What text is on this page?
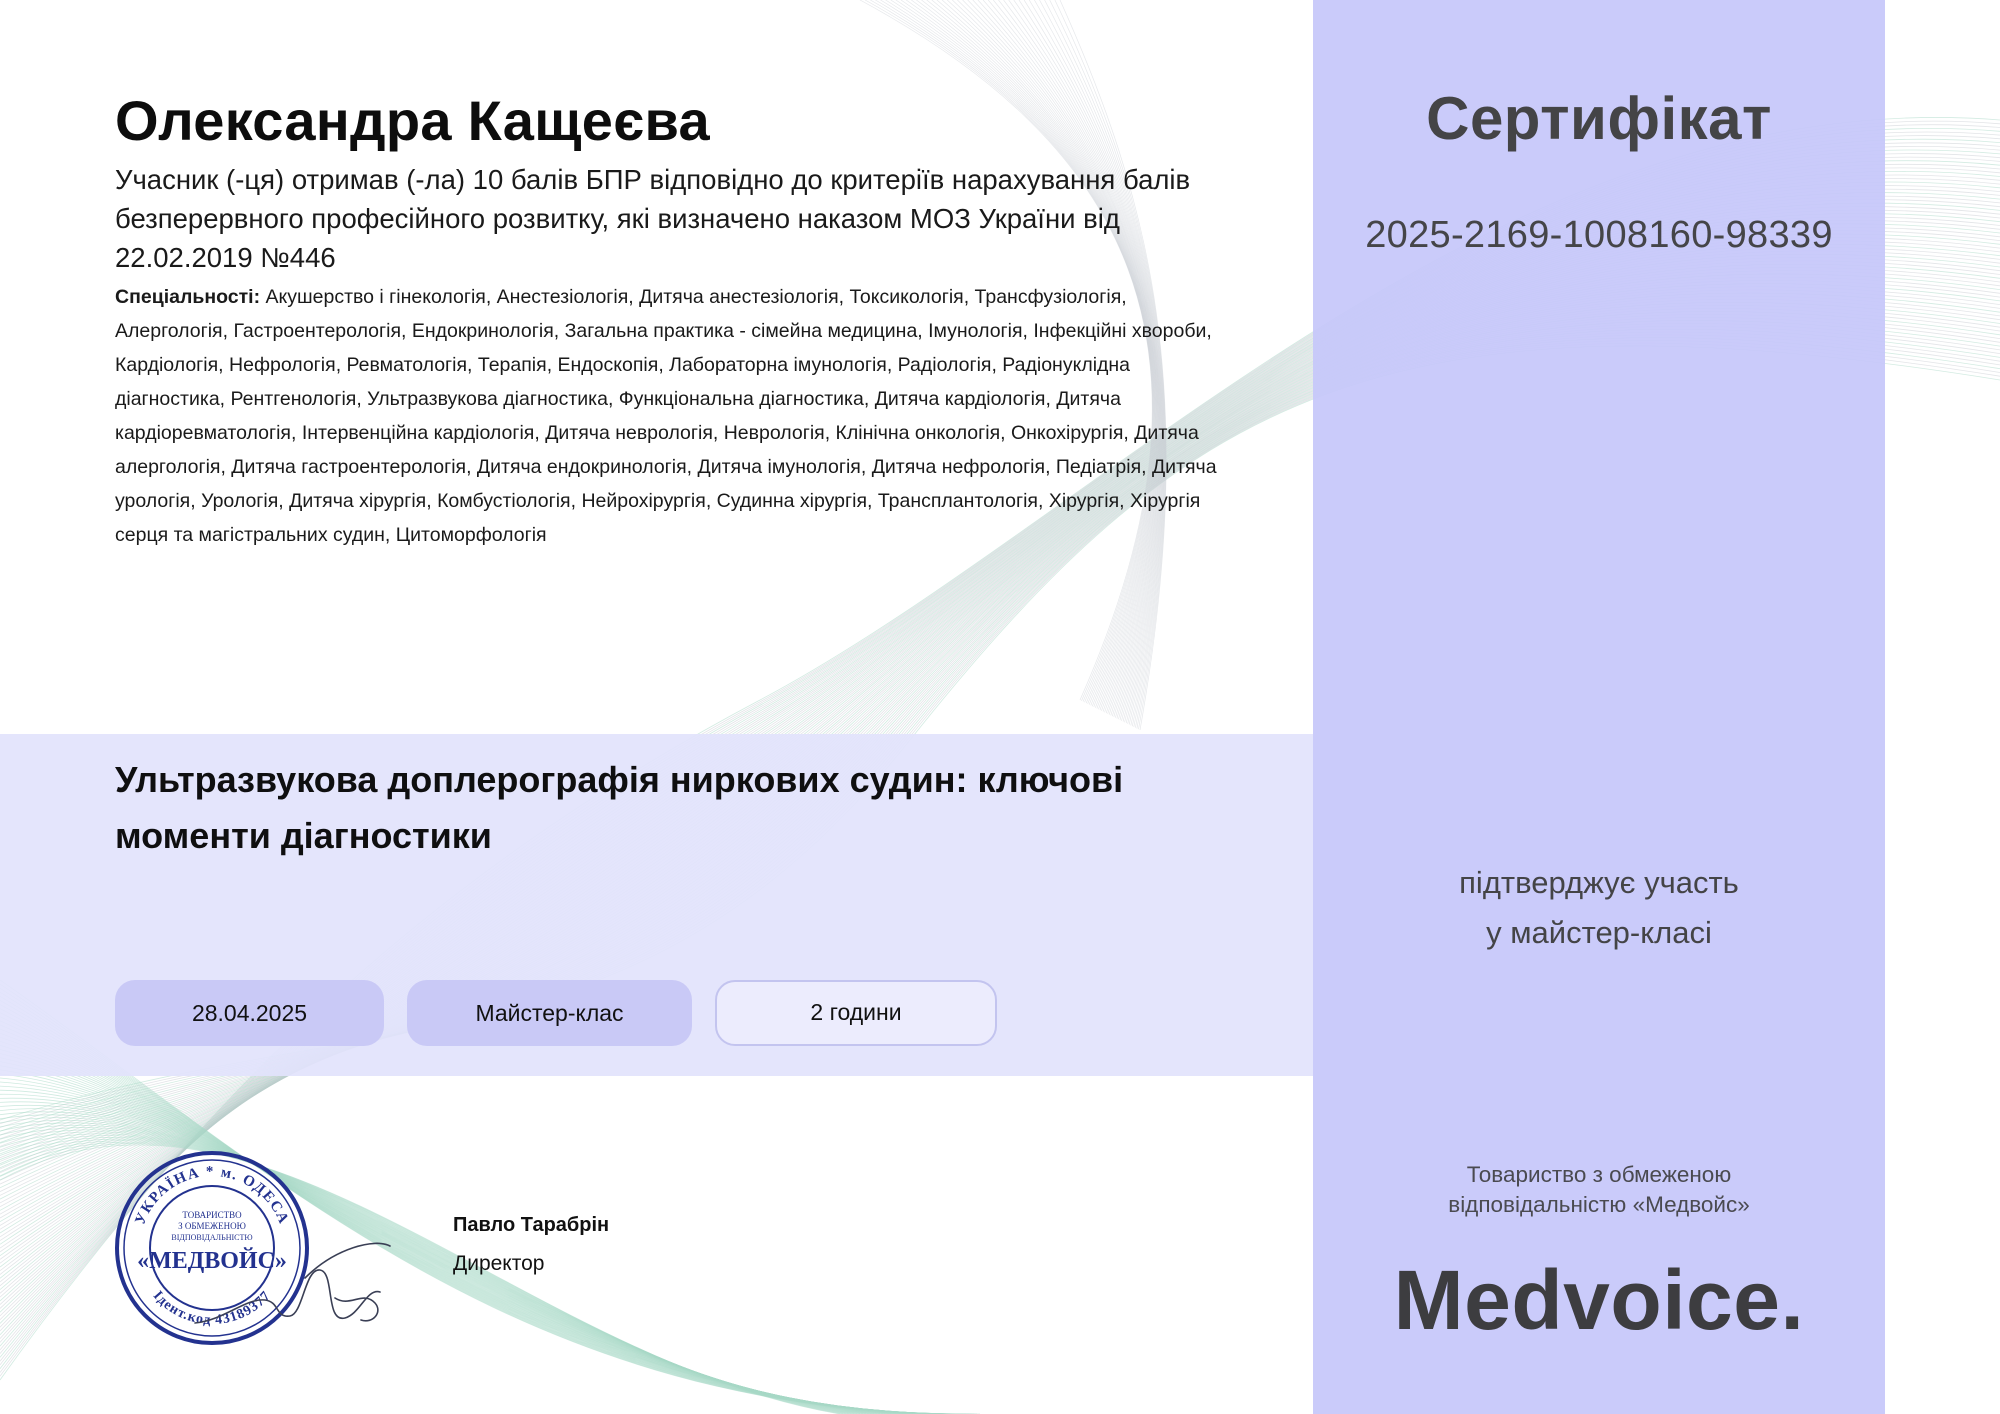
Олександра Кащеєва
Учасник (-ця) отримав (-ла) 10 балів БПР відповідно до критеріїв нарахування балів безперервного професійного розвитку, які визначено наказом МОЗ України від 22.02.2019 №446
Спеціальності: Акушерство і гінекологія, Анестезіологія, Дитяча анестезіологія, Токсикологія, Трансфузіологія, Алергологія, Гастроентерологія, Ендокринологія, Загальна практика - сімейна медицина, Імунологія, Інфекційні хвороби, Кардіологія, Нефрологія, Ревматологія, Терапія, Ендоскопія, Лабораторна імунологія, Радіологія, Радіонуклідна діагностика, Рентгенологія, Ультразвукова діагностика, Функціональна діагностика, Дитяча кардіологія, Дитяча кардіоревматологія, Інтервенційна кардіологія, Дитяча неврологія, Неврологія, Клінічна онкологія, Онкохірургія, Дитяча алергологія, Дитяча гастроентерологія, Дитяча ендокринологія, Дитяча імунологія, Дитяча нефрологія, Педіатрія, Дитяча урологія, Урологія, Дитяча хірургія, Комбустіологія, Нейрохірургія, Судинна хірургія, Трансплантологія, Хірургія, Хірургія серця та магістральних судин, Цитоморфологія
Ультразвукова доплерографія ниркових судин: ключові моменти діагностики
28.04.2025	Майстер-клас	2 години
Сертифікат
2025-2169-1008160-98339
підтверджує участь
у майстер-класі
Товариство з обмеженою
відповідальністю «Медвойс»
Medvoice.
Павло Тарабрін
Директор
УКРАЇНА * м. ОДЕСА
Ідент.код 43189377
ТОВАРИСТВО
З ОБМЕЖЕНОЮ
ВІДПОВІДАЛЬНІСТЮ
«МЕДВОЙС»
